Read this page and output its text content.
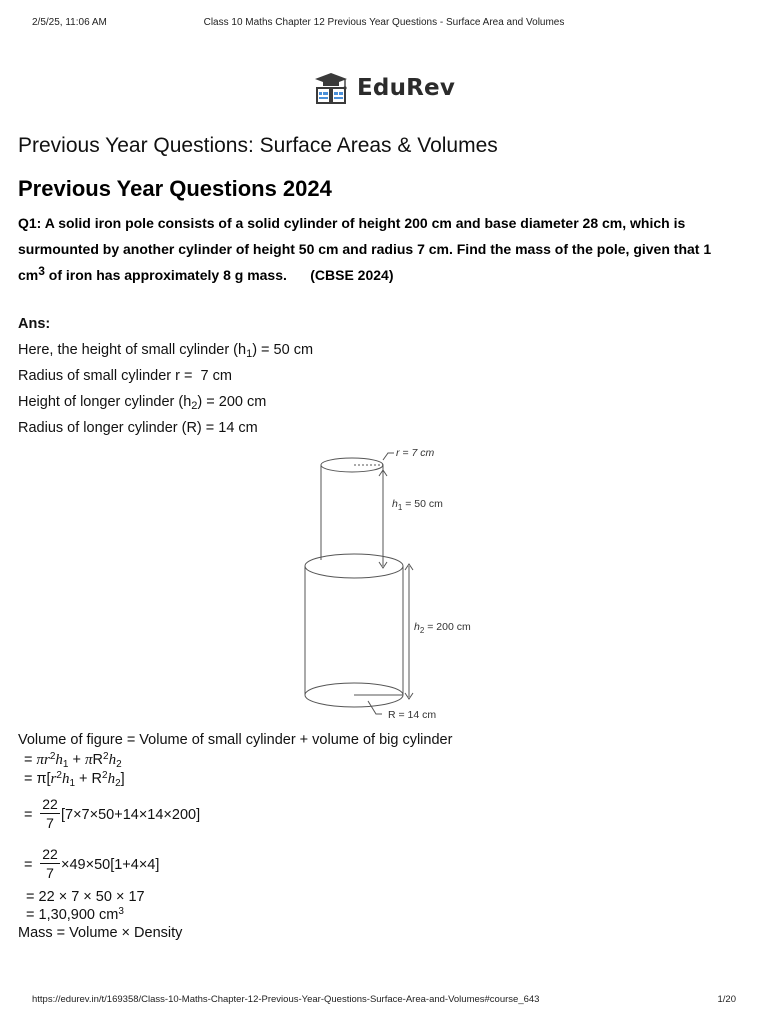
2/5/25, 11:06 AM	Class 10 Maths Chapter 12 Previous Year Questions - Surface Area and Volumes
EduRev
Previous Year Questions: Surface Areas & Volumes
Previous Year Questions 2024
Q1: A solid iron pole consists of a solid cylinder of height 200 cm and base diameter 28 cm, which is
surmounted by another cylinder of height 50 cm and radius 7 cm. Find the mass of the pole, given that 1
$cm^3$ of iron has approximately 8 g mass.      (CBSE 2024)
Ans:
Here, the height of small cylinder $(h_1) = 50$ cm
Radius of small cylinder r =  7 cm
Height of longer cylinder $(h_2) = 200$ cm
Radius of longer cylinder (R) = 14 cm
r = 7 cm
$h_1 = 50$ cm
$h_2 = 200$ cm
R = 14 cm
Volume of figure = Volume of small cylinder + volume of big cylinder
= $\pi r^2h_1 + \pi R^2h_2$
= $\pi[r^2h_1 + R^2h_2]$
=
22
7 [7×7×50+14×14×200]
=
22
7 ×49×50[1+4×4]
= 22 × 7 × 50 × 17
= 1,30,900 $cm^3$
Mass = Volume × Density
https://edurev.in/t/169358/Class-10-Maths-Chapter-12-Previous-Year-Questions-Surface-Area-and-Volumes#course_643	1/20
